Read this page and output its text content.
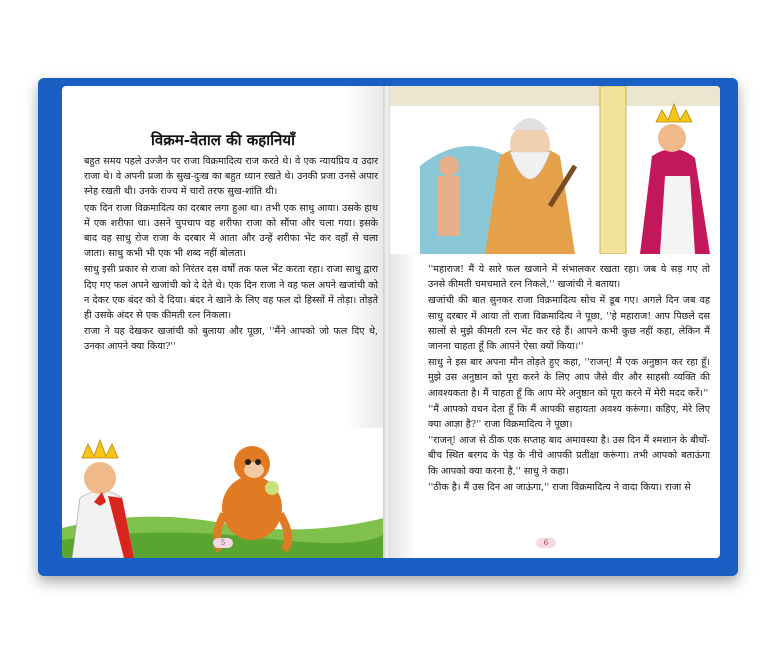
विक्रम-वेताल की कहानियाँ

बहुत समय पहले उज्जैन पर राजा विक्रमादित्य राज करते थे। वे एक न्यायप्रिय व उदार राजा थे। वे अपनी प्रजा के सुख-दुःख का बहुत ध्यान रखते थे। उनकी प्रजा उनसे अपार स्नेह रखती थी। उनके राज्य में चारों तरफ सुख-शांति थी।

एक दिन राजा विक्रमादित्य का दरबार लगा हुआ था। तभी एक साधु आया। उसके हाथ में एक शरीफा था। उसने चुपचाप वह शरीफा राजा को सौंपा और चला गया। इसके बाद वह साधु रोज राजा के दरबार में आता और उन्हें शरीफा भेंट कर वहाँ से चला जाता। साधु कभी भी एक भी शब्द नहीं बोलता।

साधु इसी प्रकार से राजा को निरंतर दस वर्षों तक फल भेंट करता रहा। राजा साधु द्वारा दिए गए फल अपने खजांची को दे देते थे। एक दिन राजा ने वह फल अपने खजांची को न देकर एक बंदर को दे दिया। बंदर ने खाने के लिए वह फल दो हिस्सों में तोड़ा। तोड़ते ही उसके अंदर से एक कीमती रत्न निकला।

राजा ने यह देखकर खजांची को बुलाया और पूछा, ''मैंने आपको जो फल दिए थे, उनका आपने क्या किया?''

5

''महाराज! मैं ये सारे फल खजाने में संभालकर रखता रहा। जब ये सड़ गए तो उनसे कीमती चमचमाते रत्न निकले,'' खजांची ने बताया।

खजांची की बात सुनकर राजा विक्रमादित्य सोच में डूब गए। अगले दिन जब वह साधु दरबार में आया तो राजा विक्रमादित्य ने पूछा, ''हे महाराज! आप पिछले दस सालों से मुझे कीमती रत्न भेंट कर रहे हैं। आपने कभी कुछ नहीं कहा, लेकिन मैं जानना चाहता हूँ कि आपने ऐसा क्यों किया।''

साधु ने इस बार अपना मौन तोड़ते हुए कहा, ''राजन्! मैं एक अनुष्ठान कर रहा हूँ। मुझे उस अनुष्ठान को पूरा करने के लिए आप जैसे वीर और साहसी व्यक्ति की आवश्यकता है। मैं चाहता हूँ कि आप मेरे अनुष्ठान को पूरा करने में मेरी मदद करें।''

''मैं आपको वचन देता हूँ कि मैं आपकी सहायता अवश्य करूंगा। कहिए, मेरे लिए क्या आज्ञा है?'' राजा विक्रमादित्य ने पूछा।

''राजन्! आज से ठीक एक सप्ताह बाद अमावस्या है। उस दिन मैं श्मशान के बीचों-बीच स्थित बरगद के पेड़ के नीचे आपकी प्रतीक्षा करूंगा। तभी आपको बताऊंगा कि आपको क्या करना है,'' साधु ने कहा।

''ठीक है। मैं उस दिन आ जाऊंगा,'' राजा विक्रमादित्य ने वादा किया। राजा से

6
